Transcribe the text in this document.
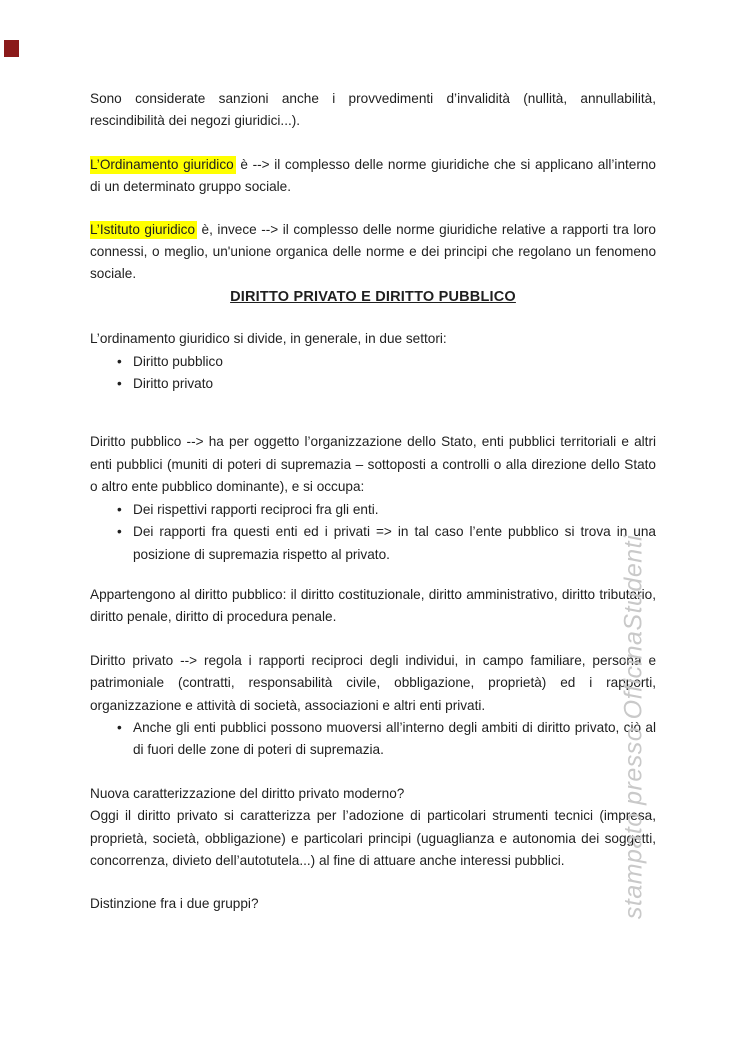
Sono considerate sanzioni anche i provvedimenti d’invalidità (nullità, annullabilità, rescindibilità dei negozi giuridici...).

L’Ordinamento giuridico è --> il complesso delle norme giuridiche che si applicano all’interno di un determinato gruppo sociale.

L’Istituto giuridico è, invece --> il complesso delle norme giuridiche relative a rapporti tra loro connessi, o meglio, un'unione organica delle norme e dei principi che regolano un fenomeno sociale.

DIRITTO PRIVATO E DIRITTO PUBBLICO

L’ordinamento giuridico si divide, in generale, in due settori:

• Diritto pubblico
• Diritto privato

Diritto pubblico --> ha per oggetto l’organizzazione dello Stato, enti pubblici territoriali e altri enti pubblici (muniti di poteri di supremazia – sottoposti a controlli o alla direzione dello Stato o altro ente pubblico dominante), e si occupa:

• Dei rispettivi rapporti reciproci fra gli enti.
• Dei rapporti fra questi enti ed i privati => in tal caso l’ente pubblico si trova in una posizione di supremazia rispetto al privato.

Appartengono al diritto pubblico: il diritto costituzionale, diritto amministrativo, diritto tributario, diritto penale, diritto di procedura penale.

Diritto privato --> regola i rapporti reciproci degli individui, in campo familiare, persona e patrimoniale (contratti, responsabilità civile, obbligazione, proprietà) ed i rapporti, organizzazione e attività di società, associazioni e altri enti privati.

• Anche gli enti pubblici possono muoversi all’interno degli ambiti di diritto privato, ciò al di fuori delle zone di poteri di supremazia.

Nuova caratterizzazione del diritto privato moderno?

Oggi il diritto privato si caratterizza per l’adozione di particolari strumenti tecnici (impresa, proprietà, società, obbligazione) e particolari principi (uguaglianza e autonomia dei soggetti, concorrenza, divieto dell’autotutela...) al fine di attuare anche interessi pubblici.

Distinzione fra i due gruppi?	stampato presso OfficinaStudenti
